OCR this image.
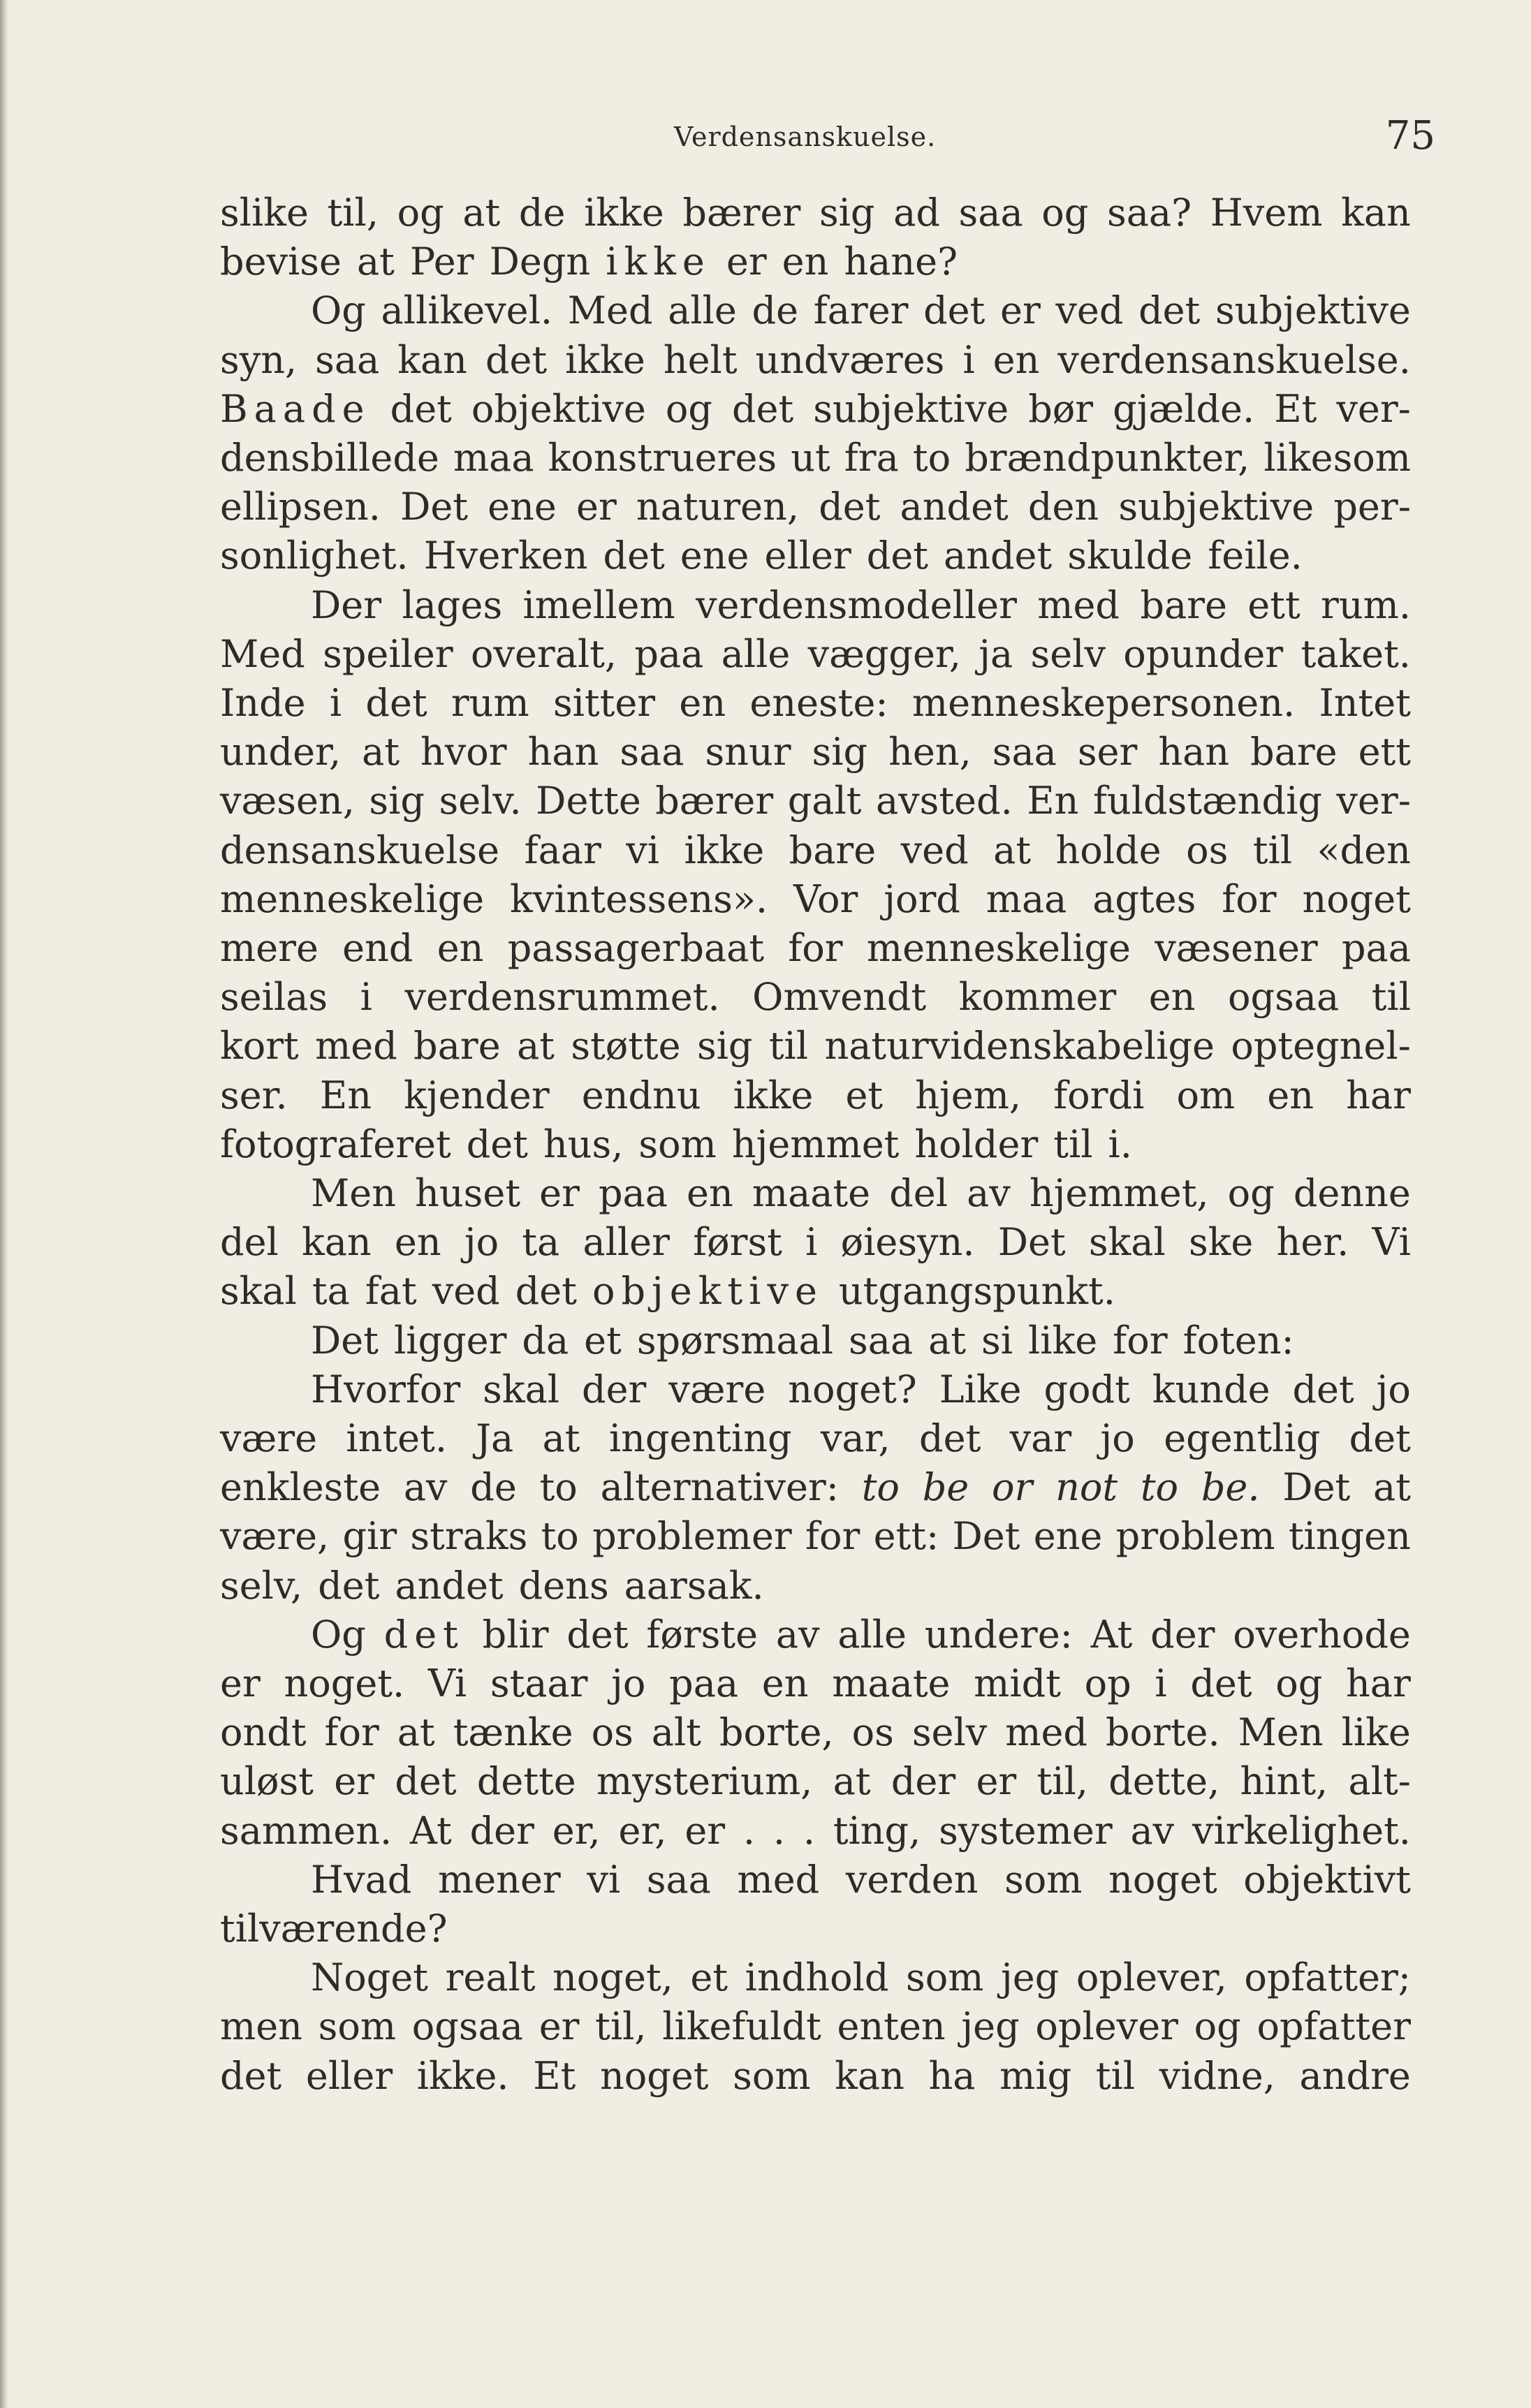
Verdensanskuelse.	75
slike til, og at de ikke bærer sig ad saa og saa? Hvem kan
bevise at Per Degn ikke er en hane?
Og allikevel. Med alle de farer det er ved det subjektive
syn, saa kan det ikke helt undværes i en verdensanskuelse.
Baade det objektive og det subjektive bør gjælde. Et ver-
densbillede maa konstrueres ut fra to brændpunkter, likesom
ellipsen. Det ene er naturen, det andet den subjektive per-
sonlighet. Hverken det ene eller det andet skulde feile.
Der lages imellem verdensmodeller med bare ett rum.
Med speiler overalt, paa alle vægger, ja selv opunder taket.
Inde i det rum sitter en eneste: menneskepersonen. Intet
under, at hvor han saa snur sig hen, saa ser han bare ett
væsen, sig selv. Dette bærer galt avsted. En fuldstændig ver-
densanskuelse faar vi ikke bare ved at holde os til «den
menneskelige kvintessens». Vor jord maa agtes for noget
mere end en passagerbaat for menneskelige væsener paa
seilas i verdensrummet. Omvendt kommer en ogsaa til
kort med bare at støtte sig til naturvidenskabelige optegnel-
ser. En kjender endnu ikke et hjem, fordi om en har
fotograferet det hus, som hjemmet holder til i.
Men huset er paa en maate del av hjemmet, og denne
del kan en jo ta aller først i øiesyn. Det skal ske her. Vi
skal ta fat ved det objektive utgangspunkt.
Det ligger da et spørsmaal saa at si like for foten:
Hvorfor skal der være noget? Like godt kunde det jo
være intet. Ja at ingenting var, det var jo egentlig det
enkleste av de to alternativer: to be or not to be. Det at
være, gir straks to problemer for ett: Det ene problem tingen
selv, det andet dens aarsak.
Og det blir det første av alle undere: At der overhode
er noget. Vi staar jo paa en maate midt op i det og har
ondt for at tænke os alt borte, os selv med borte. Men like
uløst er det dette mysterium, at der er til, dette, hint, alt-
sammen. At der er, er, er . . . ting, systemer av virkelighet.
Hvad mener vi saa med verden som noget objektivt
tilværende?
Noget realt noget, et indhold som jeg oplever, opfatter;
men som ogsaa er til, likefuldt enten jeg oplever og opfatter
det eller ikke. Et noget som kan ha mig til vidne, andre
